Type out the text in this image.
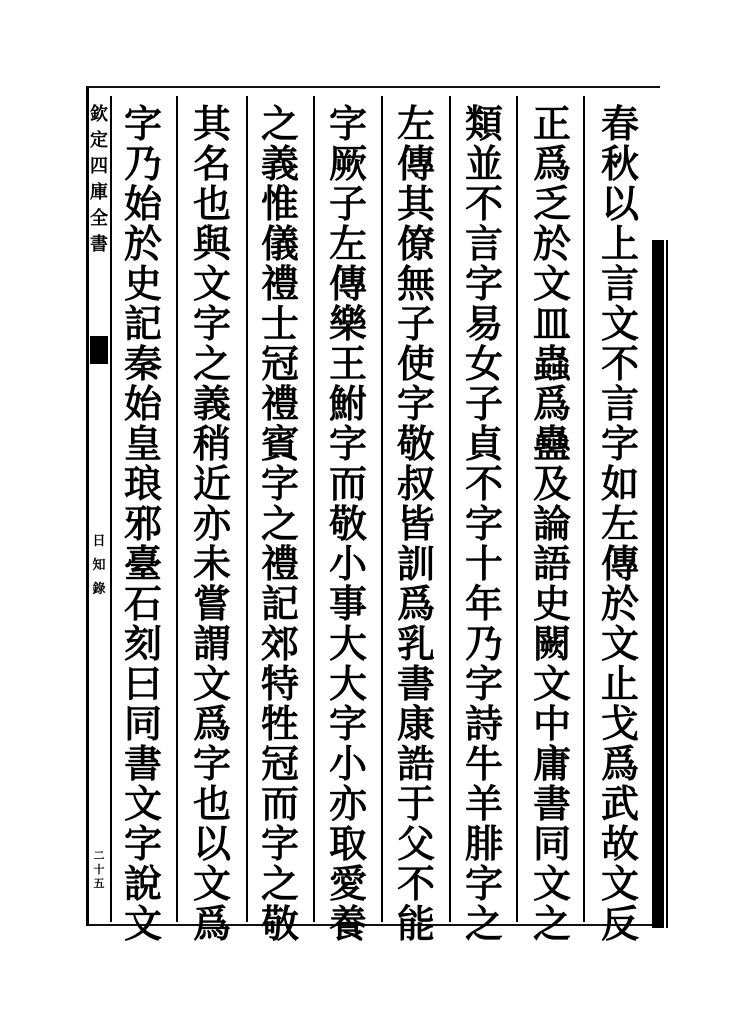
欽
定
四
庫
全
書
日
知
錄
二
十
五
春
秋
以
上
言
文
不
言
字
如
左
傳
於
文
止
戈
爲
武
故
文
反
正
爲
乏
於
文
皿
蟲
爲
蠱
及
論
語
史
闕
文
中
庸
書
同
文
之
類
並
不
言
字
易
女
子
貞
不
字
十
年
乃
字
詩
牛
羊
腓
字
之
左
傳
其
僚
無
子
使
字
敬
叔
皆
訓
爲
乳
書
康
誥
于
父
不
能
字
厥
子
左
傳
樂
王
鮒
字
而
敬
小
事
大
大
字
小
亦
取
愛
養
之
義
惟
儀
禮
士
冠
禮
賓
字
之
禮
記
郊
特
牲
冠
而
字
之
敬
其
名
也
與
文
字
之
義
稍
近
亦
未
嘗
謂
文
爲
字
也
以
文
爲
字
乃
始
於
史
記
秦
始
皇
琅
邪
臺
石
刻
曰
同
書
文
字
說
文
